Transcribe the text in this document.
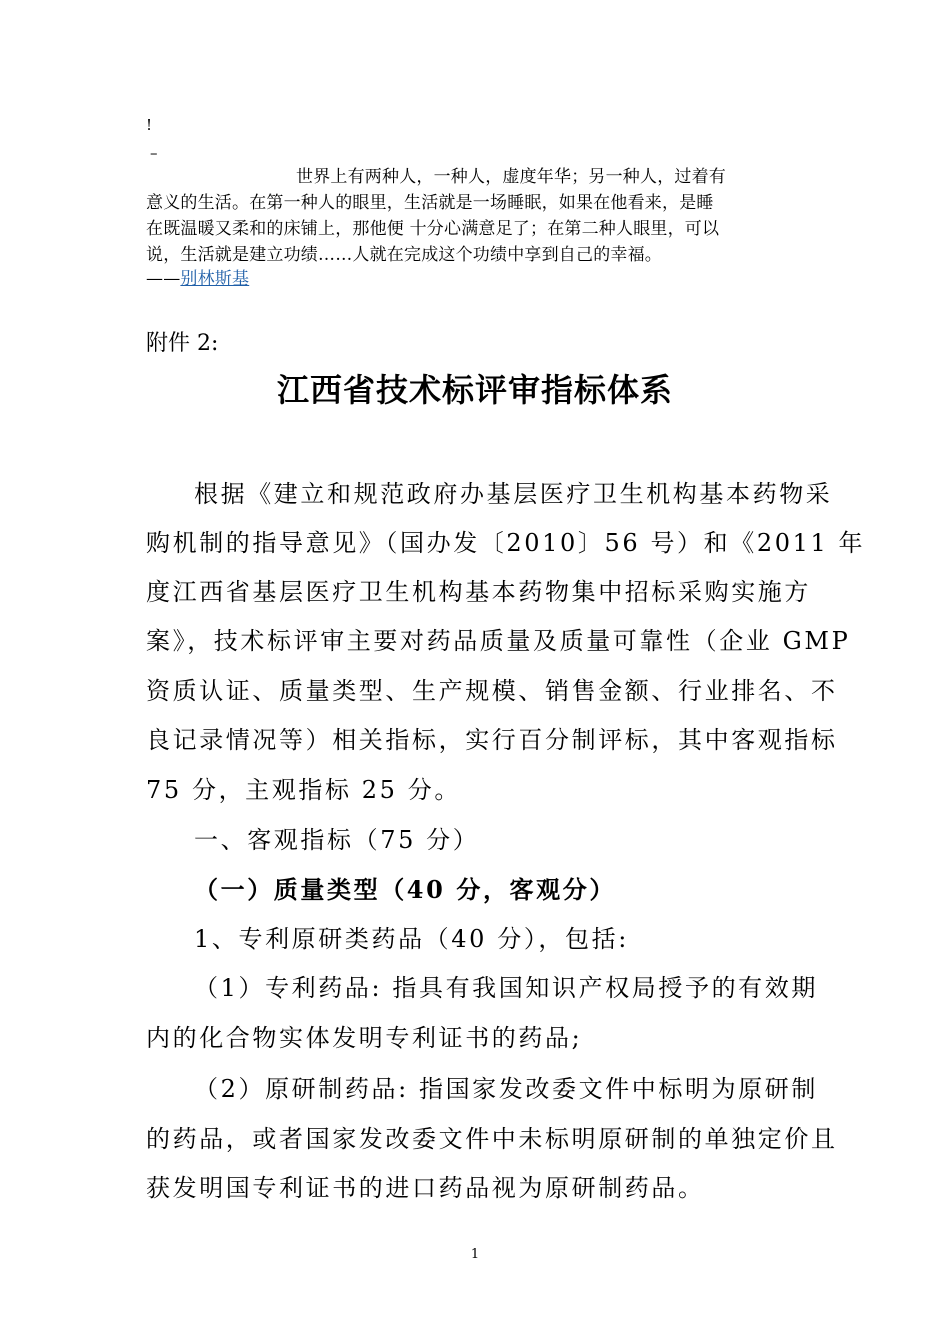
!
–
世界上有两种人，一种人，虚度年华；另一种人，过着有
意义的生活。在第一种人的眼里，生活就是一场睡眠，如果在他看来，是睡
在既温暖又柔和的床铺上，那他便 十分心满意足了；在第二种人眼里，可以
说，生活就是建立功绩……人就在完成这个功绩中享到自己的幸福。
——别林斯基
附件 2:
江西省技术标评审指标体系
根据《建立和规范政府办基层医疗卫生机构基本药物采
购机制的指导意见》（国办发〔2010〕56 号）和《2011 年
度江西省基层医疗卫生机构基本药物集中招标采购实施方
案》，技术标评审主要对药品质量及质量可靠性（企业 GMP
资质认证、质量类型、生产规模、销售金额、行业排名、不
良记录情况等）相关指标，实行百分制评标，其中客观指标
75 分，主观指标 25 分。
一、客观指标（75 分）
（一）质量类型（40 分，客观分）
1、专利原研类药品（40 分），包括:
（1）专利药品: 指具有我国知识产权局授予的有效期
内的化合物实体发明专利证书的药品;
（2）原研制药品: 指国家发改委文件中标明为原研制
的药品，或者国家发改委文件中未标明原研制的单独定价且
获发明国专利证书的进口药品视为原研制药品。
1
